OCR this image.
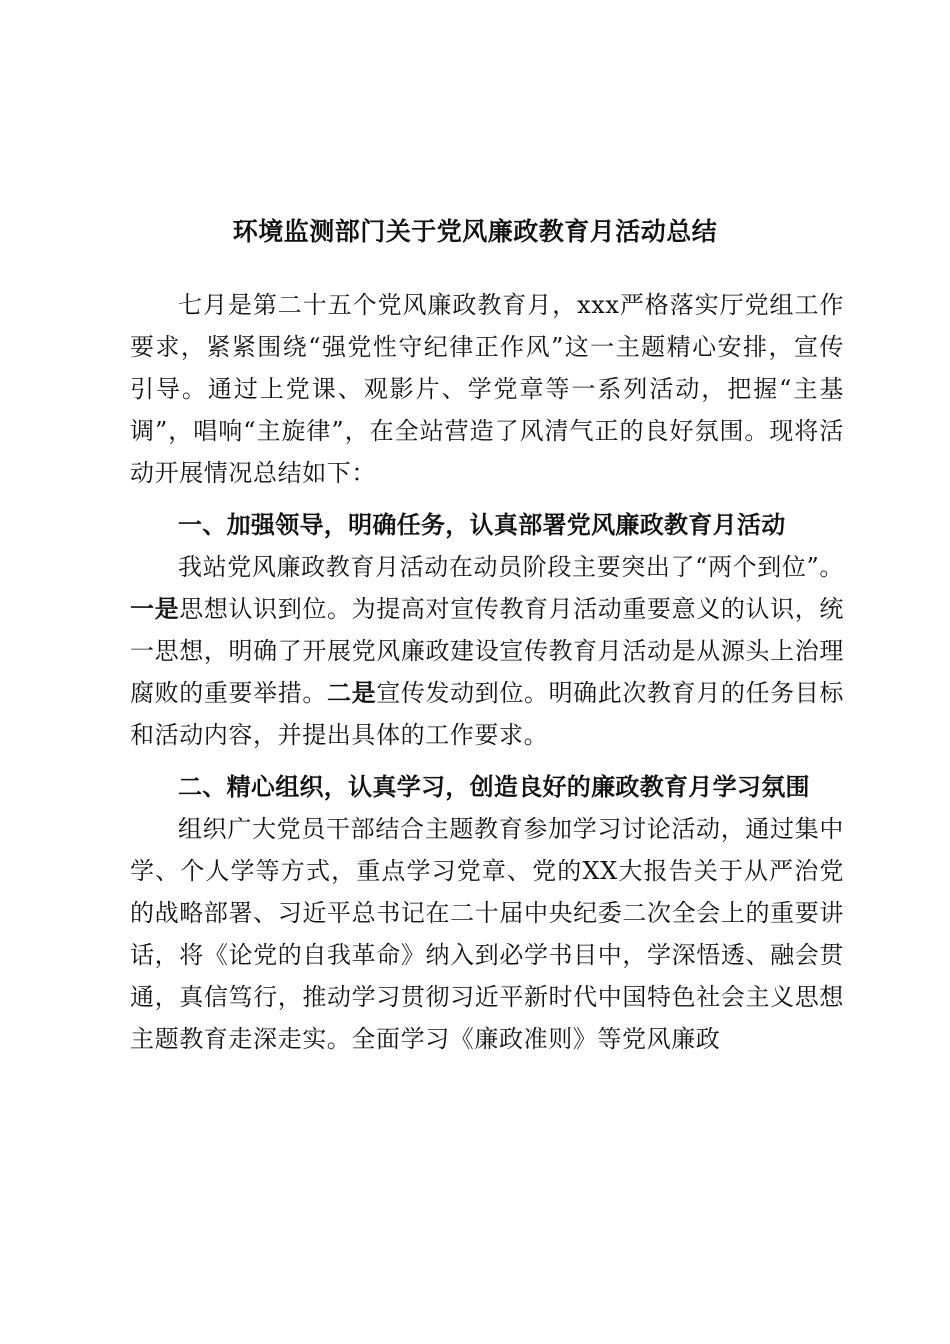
环境监测部门关于党风廉政教育月活动总结

七月是第二十五个党风廉政教育月，xxx严格落实厅党组工作要求，紧紧围绕“强党性守纪律正作风”这一主题精心安排，宣传引导。通过上党课、观影片、学党章等一系列活动，把握“主基调”，唱响“主旋律”，在全站营造了风清气正的良好氛围。现将活动开展情况总结如下：

一、加强领导，明确任务，认真部署党风廉政教育月活动

我站党风廉政教育月活动在动员阶段主要突出了“两个到位”。一是思想认识到位。为提高对宣传教育月活动重要意义的认识，统一思想，明确了开展党风廉政建设宣传教育月活动是从源头上治理腐败的重要举措。二是宣传发动到位。明确此次教育月的任务目标和活动内容，并提出具体的工作要求。

二、精心组织，认真学习，创造良好的廉政教育月学习氛围

组织广大党员干部结合主题教育参加学习讨论活动，通过集中学、个人学等方式，重点学习党章、党的XX大报告关于从严治党的战略部署、习近平总书记在二十届中央纪委二次全会上的重要讲话，将《论党的自我革命》纳入到必学书目中，学深悟透、融会贯通，真信笃行，推动学习贯彻习近平新时代中国特色社会主义思想主题教育走深走实。全面学习《廉政准则》等党风廉政
